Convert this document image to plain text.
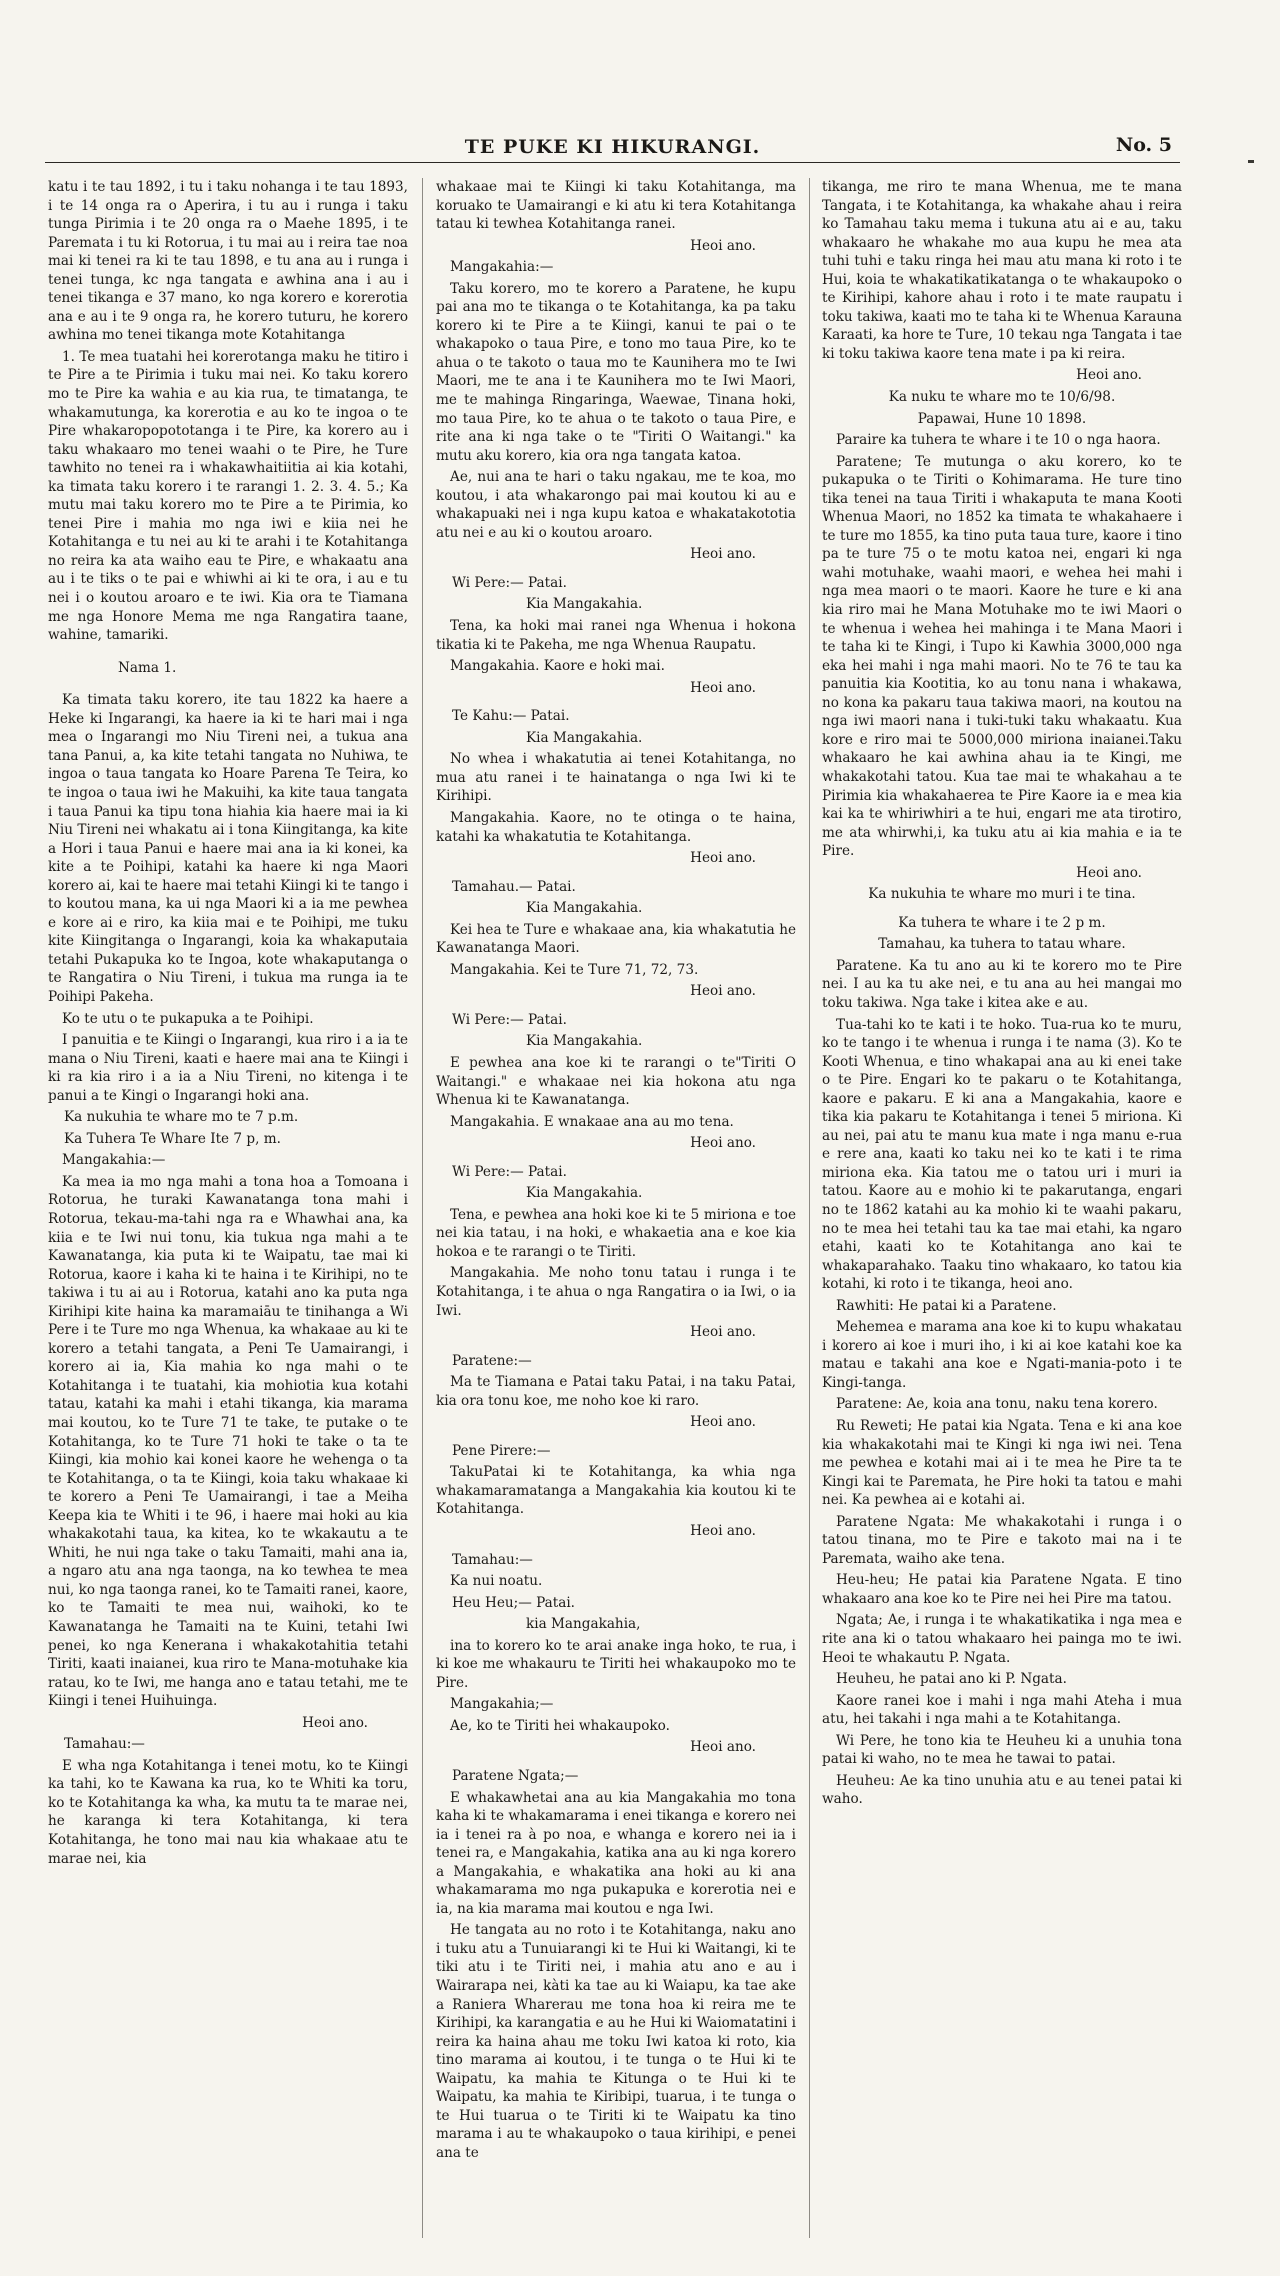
TE PUKE KI HIKURANGI.	No. 5

katu i te tau 1892, i tu i taku nohanga i te tau 1893, i te 14 onga ra o Aperira, i tu au i runga i taku tunga Pirimia i te 20 onga ra o Maehe 1895, i te Paremata i tu ki Rotorua, i tu mai au i reira tae noa mai ki tenei ra ki te tau 1898, e tu ana au i runga i tenei tunga, kc nga tangata e awhina ana i au i tenei tikanga e 37 mano, ko nga korero e korerotia ana e au i te 9 onga ra, he korero tuturu, he korero awhina mo tenei tikanga mote Kotahitanga

1. Te mea tuatahi hei korerotanga maku he titiro i te Pire a te Pirimia i tuku mai nei. Ko taku korero mo te Pire ka wahia e au kia rua, te timatanga, te whakamutunga, ka korerotia e au ko te ingoa o te Pire whakaropopototanga i te Pire, ka korero au i taku whakaaro mo tenei waahi o te Pire, he Ture tawhito no tenei ra i whakawhaitiitia ai kia kotahi, ka timata taku korero i te rarangi 1. 2. 3. 4. 5.; Ka mutu mai taku korero mo te Pire a te Pirimia, ko tenei Pire i mahia mo nga iwi e kiia nei he Kotahitanga e tu nei au ki te arahi i te Kotahitanga no reira ka ata waiho eau te Pire, e whakaatu ana au i te tiks o te pai e whiwhi ai ki te ora, i au e tu nei i o koutou aroaro e te iwi. Kia ora te Tiamana me nga Honore Mema me nga Rangatira taane, wahine, tamariki.

Nama 1.

Ka timata taku korero, ite tau 1822 ka haere a Heke ki Ingarangi, ka haere ia ki te hari mai i nga mea o Ingarangi mo Niu Tireni nei, a tukua ana tana Panui, a, ka kite tetahi tangata no Nuhiwa, te ingoa o taua tangata ko Hoare Parena Te Teira, ko te ingoa o taua iwi he Makuihi, ka kite taua tangata i taua Panui ka tipu tona hiahia kia haere mai ia ki Niu Tireni nei whakatu ai i tona Kiingitanga, ka kite a Hori i taua Panui e haere mai ana ia ki konei, ka kite a te Poihipi, katahi ka haere ki nga Maori korero ai, kai te haere mai tetahi Kiingi ki te tango i to koutou mana, ka ui nga Maori ki a ia me pewhea e kore ai e riro, ka kiia mai e te Poihipi, me tuku kite Kiingitanga o Ingarangi, koia ka whakaputaia tetahi Pukapuka ko te Ingoa, kote whakaputanga o te Rangatira o Niu Tireni, i tukua ma runga ia te Poihipi Pakeha.

Ko te utu o te pukapuka a te Poihipi.

I panuitia e te Kiingi o Ingarangi, kua riro i a ia te mana o Niu Tireni, kaati e haere mai ana te Kiingi i ki ra kia riro i a ia a Niu Tireni, no kitenga i te panui a te Kingi o Ingarangi hoki ana.

Ka nukuhia te whare mo te 7 p.m.

Ka Tuhera Te Whare Ite 7 p, m.

Mangakahia:—

Ka mea ia mo nga mahi a tona hoa a Tomoana i Rotorua, he turaki Kawanatanga tona mahi i Rotorua, tekau-ma-tahi nga ra e Whawhai ana, ka kiia e te Iwi nui tonu, kia tukua nga mahi a te Kawanatanga, kia puta ki te Waipatu, tae mai ki Rotorua, kaore i kaha ki te haina i te Kirihipi, no te takiwa i tu ai au i Rotorua, katahi ano ka puta nga Kirihipi kite haina ka maramaiāu te tinihanga a Wi Pere i te Ture mo nga Whenua, ka whakaae au ki te korero a tetahi tangata, a Peni Te Uamairangi, i korero ai ia, Kia mahia ko nga mahi o te Kotahitanga i te tuatahi, kia mohiotia kua kotahi tatau, katahi ka mahi i etahi tikanga, kia marama mai koutou, ko te Ture 71 te take, te putake o te Kotahitanga, ko te Ture 71 hoki te take o ta te Kiingi, kia mohio kai konei kaore he wehenga o ta te Kotahitanga, o ta te Kiingi, koia taku whakaae ki te korero a Peni Te Uamairangi, i tae a Meiha Keepa kia te Whiti i te 96, i haere mai hoki au kia whakakotahi taua, ka kitea, ko te wkakautu a te Whiti, he nui nga take o taku Tamaiti, mahi ana ia, a ngaro atu ana nga taonga, na ko tewhea te mea nui, ko nga taonga ranei, ko te Tamaiti ranei, kaore, ko te Tamaiti te mea nui, waihoki, ko te Kawanatanga he Tamaiti na te Kuini, tetahi Iwi penei, ko nga Kenerana i whakakotahitia tetahi Tiriti, kaati inaianei, kua riro te Mana-motuhake kia ratau, ko te Iwi, me hanga ano e tatau tetahi, me te Kiingi i tenei Huihuinga.

Heoi ano.

Tamahau:—

E wha nga Kotahitanga i tenei motu, ko te Kiingi ka tahi, ko te Kawana ka rua, ko te Whiti ka toru, ko te Kotahitanga ka wha, ka mutu ta te marae nei, he karanga ki tera Kotahitanga, ki tera Kotahitanga, he tono mai nau kia whakaae atu te marae nei, kia

whakaae mai te Kiingi ki taku Kotahitanga, ma koruako te Uamairangi e ki atu ki tera Kotahitanga tatau ki tewhea Kotahitanga ranei.

Heoi ano.

Mangakahia:—

Taku korero, mo te korero a Paratene, he kupu pai ana mo te tikanga o te Kotahitanga, ka pa taku korero ki te Pire a te Kiingi, kanui te pai o te whakapoko o taua Pire, e tono mo taua Pire, ko te ahua o te takoto o taua mo te Kaunihera mo te Iwi Maori, me te ana i te Kaunihera mo te Iwi Maori, me te mahinga Ringaringa, Waewae, Tinana hoki, mo taua Pire, ko te ahua o te takoto o taua Pire, e rite ana ki nga take o te "Tiriti O Waitangi." ka mutu aku korero, kia ora nga tangata katoa.

Ae, nui ana te hari o taku ngakau, me te koa, mo koutou, i ata whakarongo pai mai koutou ki au e whakapuaki nei i nga kupu katoa e whakatakototia atu nei e au ki o koutou aroaro.

Heoi ano.

Wi Pere:— Patai.

Kia Mangakahia.

Tena, ka hoki mai ranei nga Whenua i hokona tikatia ki te Pakeha, me nga Whenua Raupatu.

Mangakahia. Kaore e hoki mai.

Heoi ano.

Te Kahu:— Patai.

Kia Mangakahia.

No whea i whakatutia ai tenei Kotahitanga, no mua atu ranei i te hainatanga o nga Iwi ki te Kirihipi.

Mangakahia. Kaore, no te otinga o te haina, katahi ka whakatutia te Kotahitanga.

Heoi ano.

Tamahau.— Patai.

Kia Mangakahia.

Kei hea te Ture e whakaae ana, kia whakatutia he Kawanatanga Maori.

Mangakahia. Kei te Ture 71, 72, 73.

Heoi ano.

Wi Pere:— Patai.

Kia Mangakahia.

E pewhea ana koe ki te rarangi o te"Tiriti O Waitangi." e whakaae nei kia hokona atu nga Whenua ki te Kawanatanga.

Mangakahia. E wnakaae ana au mo tena.

Heoi ano.

Wi Pere:— Patai.

Kia Mangakahia.

Tena, e pewhea ana hoki koe ki te 5 miriona e toe nei kia tatau, i na hoki, e whakaetia ana e koe kia hokoa e te rarangi o te Tiriti.

Mangakahia. Me noho tonu tatau i runga i te Kotahitanga, i te ahua o nga Rangatira o ia Iwi, o ia Iwi.

Heoi ano.

Paratene:—

Ma te Tiamana e Patai taku Patai, i na taku Patai, kia ora tonu koe, me noho koe ki raro.

Heoi ano.

Pene Pirere:—

TakuPatai ki te Kotahitanga, ka whia nga whakamaramatanga a Mangakahia kia koutou ki te Kotahitanga.

Heoi ano.

Tamahau:—

Ka nui noatu.

Heu Heu;— Patai.

kia Mangakahia,

ina to korero ko te arai anake inga hoko, te rua, i ki koe me whakauru te Tiriti hei whakaupoko mo te Pire.

Mangakahia;—

Ae, ko te Tiriti hei whakaupoko.

Heoi ano.

Paratene Ngata;—

E whakawhetai ana au kia Mangakahia mo tona kaha ki te whakamarama i enei tikanga e korero nei ia i tenei ra à po noa, e whanga e korero nei ia i tenei ra, e Mangakahia, katika ana au ki nga korero a Mangakahia, e whakatika ana hoki au ki ana whakamarama mo nga pukapuka e korerotia nei e ia, na kia marama mai koutou e nga Iwi.

He tangata au no roto i te Kotahitanga, naku ano i tuku atu a Tunuiarangi ki te Hui ki Waitangi, ki te tiki atu i te Tiriti nei, i mahia atu ano e au i Wairarapa nei, kàti ka tae au ki Waiapu, ka tae ake a Raniera Wharerau me tona hoa ki reira me te Kirihipi, ka karangatia e au he Hui ki Waiomatatini i reira ka haina ahau me toku Iwi katoa ki roto, kia tino marama ai koutou, i te tunga o te Hui ki te Waipatu, ka mahia te Kitunga o te Hui ki te Waipatu, ka mahia te Kiribipi, tuarua, i te tunga o te Hui tuarua o te Tiriti ki te Waipatu ka tino marama i au te whakaupoko o taua kirihipi, e penei ana te

tikanga, me riro te mana Whenua, me te mana Tangata, i te Kotahitanga, ka whakahe ahau i reira ko Tamahau taku mema i tukuna atu ai e au, taku whakaaro he whakahe mo aua kupu he mea ata tuhi tuhi e taku ringa hei mau atu mana ki roto i te Hui, koia te whakatikatikatanga o te whakaupoko o te Kirihipi, kahore ahau i roto i te mate raupatu i toku takiwa, kaati mo te taha ki te Whenua Karauna Karaati, ka hore te Ture, 10 tekau nga Tangata i tae ki toku takiwa kaore tena mate i pa ki reira.

Heoi ano.

Ka nuku te whare mo te 10/6/98.

Papawai, Hune 10 1898.

Paraire ka tuhera te whare i te 10 o nga haora.

Paratene; Te mutunga o aku korero, ko te pukapuka o te Tiriti o Kohimarama. He ture tino tika tenei na taua Tiriti i whakaputa te mana Kooti Whenua Maori, no 1852 ka timata te whakahaere i te ture mo 1855, ka tino puta taua ture, kaore i tino pa te ture 75 o te motu katoa nei, engari ki nga wahi motuhake, waahi maori, e wehea hei mahi i nga mea maori o te maori. Kaore he ture e ki ana kia riro mai he Mana Motuhake mo te iwi Maori o te whenua i wehea hei mahinga i te Mana Maori i te taha ki te Kingi, i Tupo ki Kawhia 3000,000 nga eka hei mahi i nga mahi maori. No te 76 te tau ka panuitia kia Kootitia, ko au tonu nana i whakawa, no kona ka pakaru taua takiwa maori, na koutou na nga iwi maori nana i tuki-tuki taku whakaatu. Kua kore e riro mai te 5000,000 miriona inaianei.Taku whakaaro he kai awhina ahau ia te Kingi, me whakakotahi tatou. Kua tae mai te whakahau a te Pirimia kia whakahaerea te Pire Kaore ia e mea kia kai ka te whiriwhiri a te hui, engari me ata tirotiro, me ata whirwhi,i, ka tuku atu ai kia mahia e ia te Pire.

Heoi ano.

Ka nukuhia te whare mo muri i te tina.

Ka tuhera te whare i te 2 p m.

Tamahau, ka tuhera to tatau whare.

Paratene. Ka tu ano au ki te korero mo te Pire nei. I au ka tu ake nei, e tu ana au hei mangai mo toku takiwa. Nga take i kitea ake e au.

Tua-tahi ko te kati i te hoko. Tua-rua ko te muru, ko te tango i te whenua i runga i te nama (3). Ko te Kooti Whenua, e tino whakapai ana au ki enei take o te Pire. Engari ko te pakaru o te Kotahitanga, kaore e pakaru. E ki ana a Mangakahia, kaore e tika kia pakaru te Kotahitanga i tenei 5 miriona. Ki au nei, pai atu te manu kua mate i nga manu e-rua e rere ana, kaati ko taku nei ko te kati i te rima miriona eka. Kia tatou me o tatou uri i muri ia tatou. Kaore au e mohio ki te pakarutanga, engari no te 1862 katahi au ka mohio ki te waahi pakaru, no te mea hei tetahi tau ka tae mai etahi, ka ngaro etahi, kaati ko te Kotahitanga ano kai te whakaparahako. Taaku tino whakaaro, ko tatou kia kotahi, ki roto i te tikanga, heoi ano.

Rawhiti: He patai ki a Paratene.

Mehemea e marama ana koe ki to kupu whakatau i korero ai koe i muri iho, i ki ai koe katahi koe ka matau e takahi ana koe e Ngati-mania-poto i te Kingi-tanga.

Paratene: Ae, koia ana tonu, naku tena korero.

Ru Reweti; He patai kia Ngata. Tena e ki ana koe kia whakakotahi mai te Kingi ki nga iwi nei. Tena me pewhea e kotahi mai ai i te mea he Pire ta te Kingi kai te Paremata, he Pire hoki ta tatou e mahi nei. Ka pewhea ai e kotahi ai.

Paratene Ngata: Me whakakotahi i runga i o tatou tinana, mo te Pire e takoto mai na i te Paremata, waiho ake tena.

Heu-heu; He patai kia Paratene Ngata. E tino whakaaro ana koe ko te Pire nei hei Pire ma tatou.

Ngata; Ae, i runga i te whakatikatika i nga mea e rite ana ki o tatou whakaaro hei painga mo te iwi. Heoi te whakautu P. Ngata.

Heuheu, he patai ano ki P. Ngata.

Kaore ranei koe i mahi i nga mahi Ateha i mua atu, hei takahi i nga mahi a te Kotahitanga.

Wi Pere, he tono kia te Heuheu ki a unuhia tona patai ki waho, no te mea he tawai to patai.

Heuheu: Ae ka tino unuhia atu e au tenei patai ki waho.
